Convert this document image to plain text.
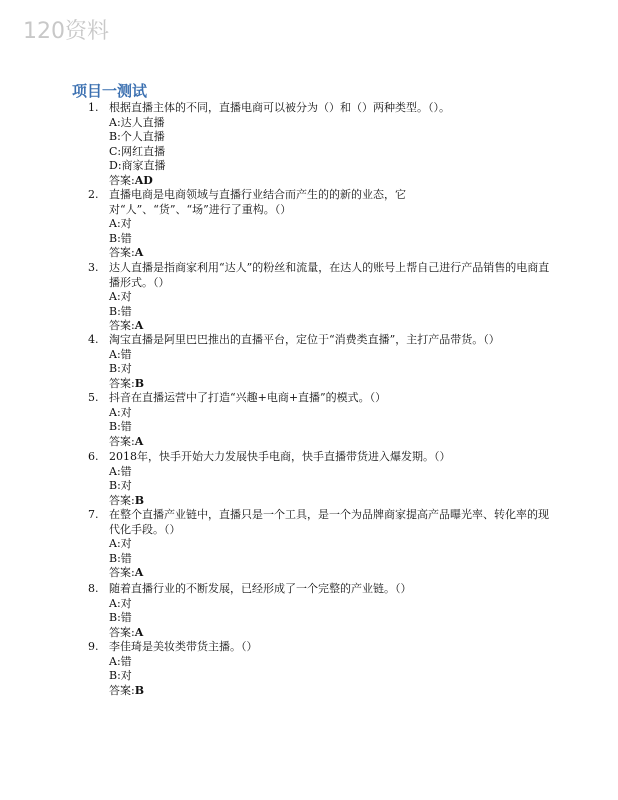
120资料
项目一测试
1. 根据直播主体的不同，直播电商可以被分为（）和（）两种类型。（）。
A:达人直播
B:个人直播
C:网红直播
D:商家直播
答案:AD
2. 直播电商是电商领域与直播行业结合而产生的的新的业态，它对“人”、“货”、“场”进行了重构。（）
A:对
B:错
答案:A
3. 达人直播是指商家利用“达人”的粉丝和流量，在达人的账号上帮自己进行产品销售的电商直播形式。（）
A:对
B:错
答案:A
4. 淘宝直播是阿里巴巴推出的直播平台，定位于“消费类直播”，主打产品带货。（）
A:错
B:对
答案:B
5. 抖音在直播运营中了打造“兴趣+电商+直播”的模式。（）
A:对
B:错
答案:A
6. 2018年，快手开始大力发展快手电商，快手直播带货进入爆发期。（）
A:错
B:对
答案:B
7. 在整个直播产业链中，直播只是一个工具，是一个为品牌商家提高产品曝光率、转化率的现代化手段。（）
A:对
B:错
答案:A
8. 随着直播行业的不断发展，已经形成了一个完整的产业链。（）
A:对
B:错
答案:A
9. 李佳琦是美妆类带货主播。（）
A:错
B:对
答案:B
